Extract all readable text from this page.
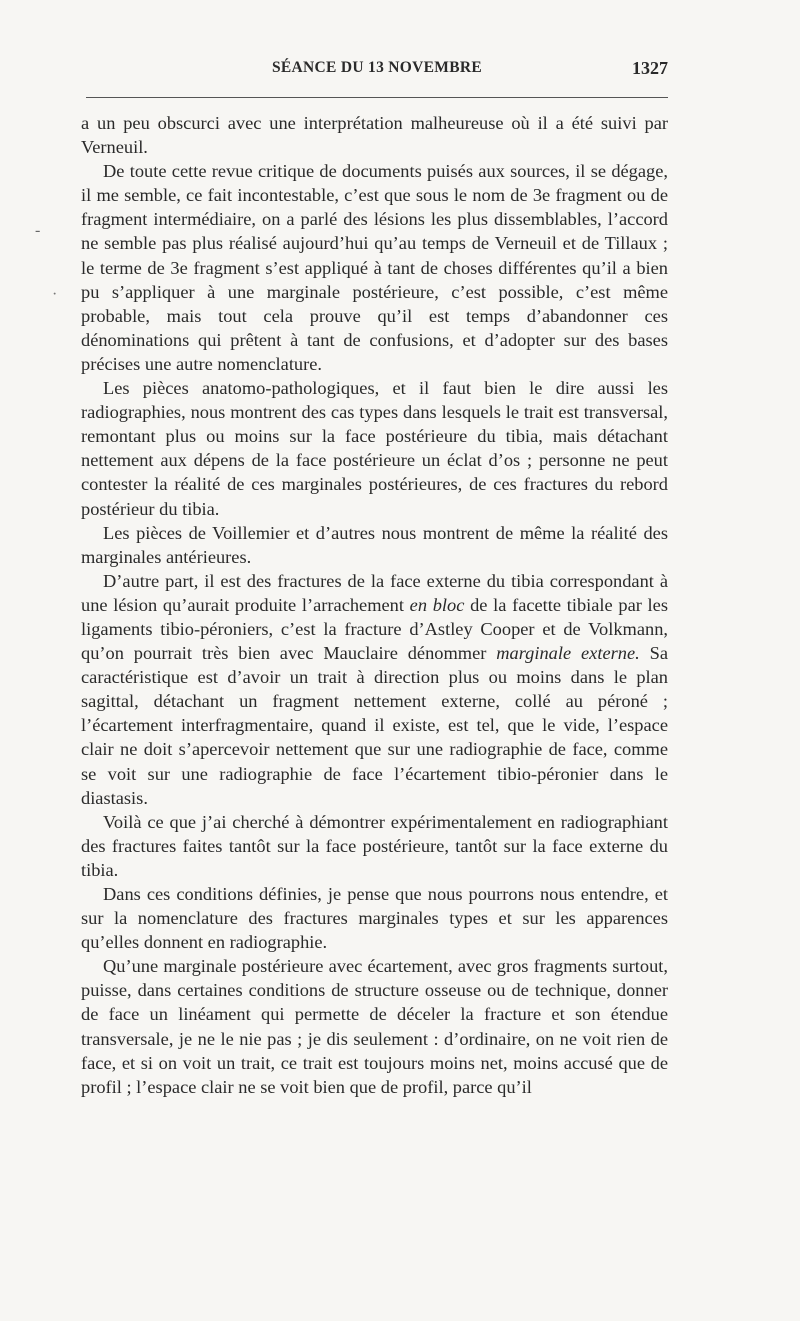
SÉANCE DU 13 NOVEMBRE	1327

a un peu obscurci avec une interprétation malheureuse où il a été suivi par Verneuil.

De toute cette revue critique de documents puisés aux sources, il se dégage, il me semble, ce fait incontestable, c’est que sous le nom de 3e fragment ou de fragment intermédiaire, on a parlé des lésions les plus dissemblables, l’accord ne semble pas plus réalisé aujourd’hui qu’au temps de Verneuil et de Tillaux ; le terme de 3e fragment s’est appliqué à tant de choses différentes qu’il a bien pu s’appliquer à une marginale postérieure, c’est possible, c’est même probable, mais tout cela prouve qu’il est temps d’abandonner ces dénominations qui prêtent à tant de confusions, et d’adopter sur des bases précises une autre nomenclature.

Les pièces anatomo-pathologiques, et il faut bien le dire aussi les radiographies, nous montrent des cas types dans lesquels le trait est transversal, remontant plus ou moins sur la face postérieure du tibia, mais détachant nettement aux dépens de la face postérieure un éclat d’os ; personne ne peut contester la réalité de ces marginales postérieures, de ces fractures du rebord postérieur du tibia.

Les pièces de Voillemier et d’autres nous montrent de même la réalité des marginales antérieures.

D’autre part, il est des fractures de la face externe du tibia correspondant à une lésion qu’aurait produite l’arrachement en bloc de la facette tibiale par les ligaments tibio-péroniers, c’est la fracture d’Astley Cooper et de Volkmann, qu’on pourrait très bien avec Mauclaire dénommer marginale externe. Sa caractéristique est d’avoir un trait à direction plus ou moins dans le plan sagittal, détachant un fragment nettement externe, collé au péroné ; l’écartement interfragmentaire, quand il existe, est tel, que le vide, l’espace clair ne doit s’apercevoir nettement que sur une radiographie de face, comme se voit sur une radiographie de face l’écartement tibio-péronier dans le diastasis.

Voilà ce que j’ai cherché à démontrer expérimentalement en radiographiant des fractures faites tantôt sur la face postérieure, tantôt sur la face externe du tibia.

Dans ces conditions définies, je pense que nous pourrons nous entendre, et sur la nomenclature des fractures marginales types et sur les apparences qu’elles donnent en radiographie.

Qu’une marginale postérieure avec écartement, avec gros fragments surtout, puisse, dans certaines conditions de structure osseuse ou de technique, donner de face un linéament qui permette de déceler la fracture et son étendue transversale, je ne le nie pas ; je dis seulement : d’ordinaire, on ne voit rien de face, et si on voit un trait, ce trait est toujours moins net, moins accusé que de profil ; l’espace clair ne se voit bien que de profil, parce qu’il

-
·
